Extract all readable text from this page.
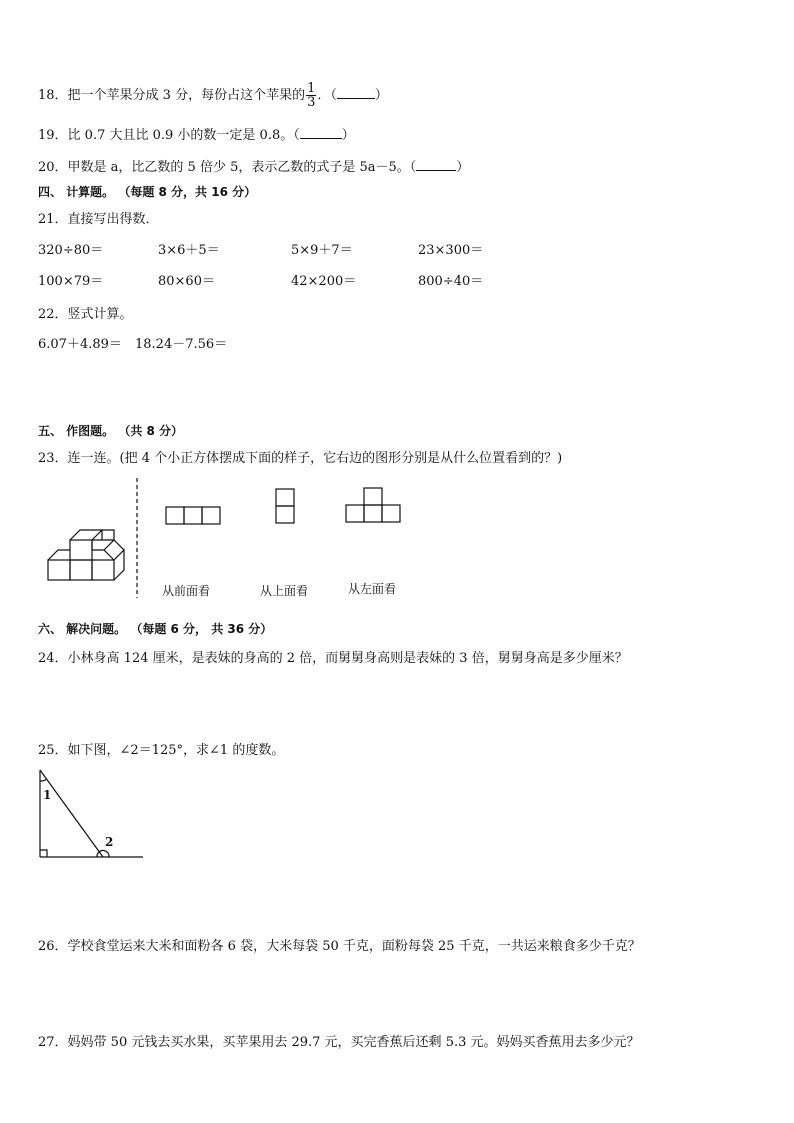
18．把一个苹果分成 3 分，每份占这个苹果的 $\frac{1}{3}$ ．（	）
19．比 0.7 大且比 0.9 小的数一定是 0.8。（	）
20．甲数是 a，比乙数的 5 倍少 5，表示乙数的式子是 5a－5。（	）
四、 计算题。 （每题 8 分，共 16 分）
21．直接写出得数．
320÷80＝	3×6＋5＝	5×9＋7＝	23×300＝
100×79＝	80×60＝	42×200＝	800÷40＝
22．竖式计算。
6.07＋4.89＝ 18.24－7.56＝
五、 作图题。 （共 8 分）
23．连一连。(把 4 个小正方体摆成下面的样子，它右边的图形分别是从什么位置看到的？)
从前面看	从上面看	从左面看
六、 解决问题。 （每题 6 分， 共 36 分）
24．小林身高 124 厘米，是表妹的身高的 2 倍，而舅舅身高则是表妹的 3 倍，舅舅身高是多少厘米？
25．如下图，∠2＝125°，求∠1 的度数。
1
2
26．学校食堂运来大米和面粉各 6 袋，大米每袋 50 千克，面粉每袋 25 千克，一共运来粮食多少千克？
27．妈妈带 50 元钱去买水果，买苹果用去 29.7 元，买完香蕉后还剩 5.3 元。妈妈买香蕉用去多少元？
